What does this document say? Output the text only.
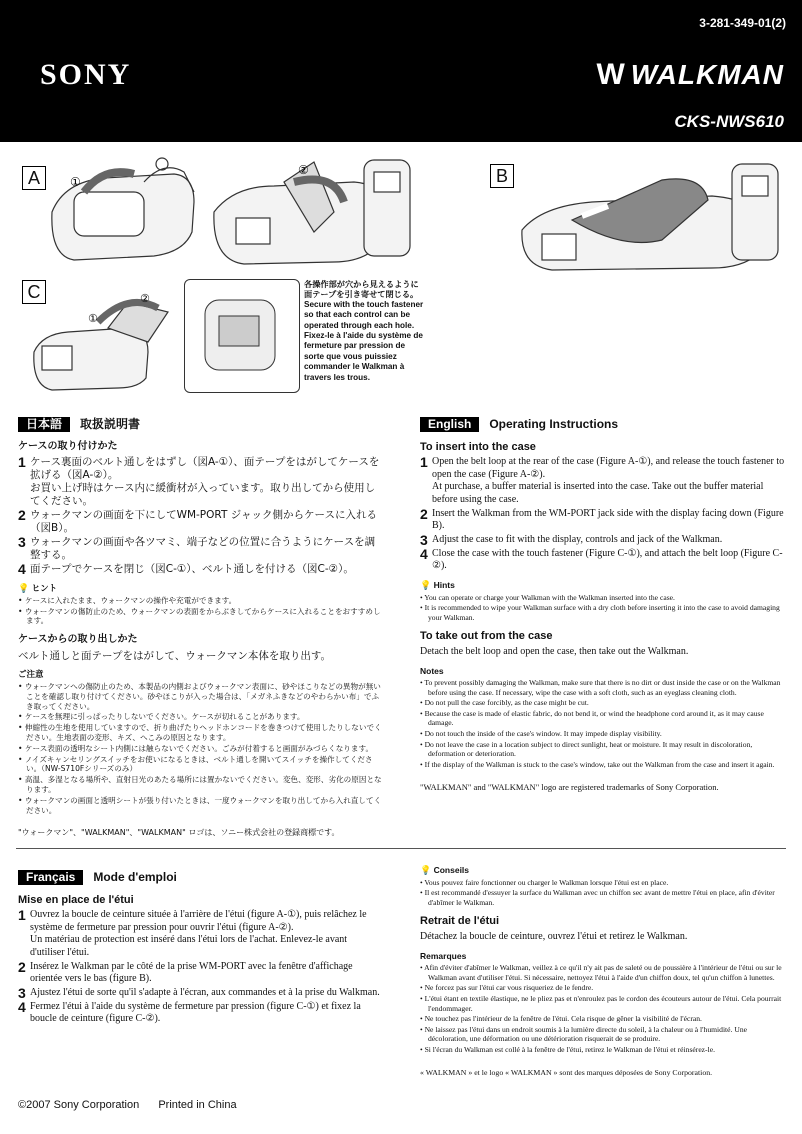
3-281-349-01(2)
SONY	W WALKMAN
CKS-NWS610
A	B
C
①
②
①
②
各操作部が穴から見えるように
面テープを引き寄せて閉じる。
Secure with the touch fastener
so that each control can be
operated through each hole.
Fixez-le à l'aide du système de
fermeture par pression de
sorte que vous puissiez
commander le Walkman à
travers les trous.
日本語 取扱説明書
ケースの取り付けかた
1 ケース裏面のベルト通しをはずし（図A-①）、面テープをはがしてケースを拡げる（図A-②）。
お買い上げ時はケース内に緩衝材が入っています。取り出してから使用してください。
2 ウォークマンの画面を下にしてWM-PORT ジャック側からケースに入れる（図B）。
3 ウォークマンの画面や各ツマミ、端子などの位置に合うようにケースを調整する。
4 面テープでケースを閉じ（図C-①）、ベルト通しを付ける（図C-②）。
💡 ヒント
• ケースに入れたまま、ウォークマンの操作や充電ができます。
• ウォークマンの傷防止のため、ウォークマンの表面をからぶきしてからケースに入れることをおすすめします。
ケースからの取り出しかた
ベルト通しと面テープをはがして、ウォークマン本体を取り出す。
ご注意
• ウォークマンへの傷防止のため、本製品の内側およびウォークマン表面に、砂やほこりなどの異物が無いことを確認し取り付けてください。砂やほこりが入った場合は、「メガネふきなどのやわらかい布」でふき取ってください。
• ケースを無理に引っぱったりしないでください。ケースが切れることがあります。
• 伸縮性の生地を使用していますので、折り曲げたりヘッドホンコードを巻きつけて使用したりしないでください。生地表面の変形、キズ、へこみの原因となります。
• ケース表面の透明なシート内側には触らないでください。ごみが付着すると画面がみづらくなります。
• ノイズキャンセリングスイッチをお使いになるときは、ベルト通しを開いてスイッチを操作してください。（NW-S710Fシリーズのみ）
• 高温、多湿となる場所や、直射日光のあたる場所には置かないでください。変色、変形、劣化の原因となります。
• ウォークマンの画面と透明シートが張り付いたときは、一度ウォークマンを取り出してから入れ直してください。
"ウォークマン"、"WALKMAN"、"WALKMAN" ロゴは、ソニー株式会社の登録商標です。
English Operating Instructions
To insert into the case
1 Open the belt loop at the rear of the case (Figure A-①), and release the touch fastener to open the case (Figure A-②).
At purchase, a buffer material is inserted into the case. Take out the buffer material before using the case.
2 Insert the Walkman from the WM-PORT jack side with the display facing down (Figure B).
3 Adjust the case to fit with the display, controls and jack of the Walkman.
4 Close the case with the touch fastener (Figure C-①), and attach the belt loop (Figure C-②).
💡 Hints
• You can operate or charge your Walkman with the Walkman inserted into the case.
• It is recommended to wipe your Walkman surface with a dry cloth before inserting it into the case to avoid damaging your Walkman.
To take out from the case
Detach the belt loop and open the case, then take out the Walkman.
Notes
• To prevent possibly damaging the Walkman, make sure that there is no dirt or dust inside the case or on the Walkman before using the case. If necessary, wipe the case with a soft cloth, such as an eyeglass cleaning cloth.
• Do not pull the case forcibly, as the case might be cut.
• Because the case is made of elastic fabric, do not bend it, or wind the headphone cord around it, as it may cause damage.
• Do not touch the inside of the case's window. It may impede display visibility.
• Do not leave the case in a location subject to direct sunlight, heat or moisture. It may result in discoloration, deformation or deterioration.
• If the display of the Walkman is stuck to the case's window, take out the Walkman from the case and insert it again.
"WALKMAN" and "WALKMAN" logo are registered trademarks of Sony Corporation.
Français Mode d'emploi
Mise en place de l'étui
1 Ouvrez la boucle de ceinture située à l'arrière de l'étui (figure A-①), puis relâchez le système de fermeture par pression pour ouvrir l'étui (figure A-②).
Un matériau de protection est inséré dans l'étui lors de l'achat. Enlevez-le avant d'utiliser l'étui.
2 Insérez le Walkman par le côté de la prise WM-PORT avec la fenêtre d'affichage orientée vers le bas (figure B).
3 Ajustez l'étui de sorte qu'il s'adapte à l'écran, aux commandes et à la prise du Walkman.
4 Fermez l'étui à l'aide du système de fermeture par pression (figure C-①) et fixez la boucle de ceinture (figure C-②).
💡 Conseils
• Vous pouvez faire fonctionner ou charger le Walkman lorsque l'étui est en place.
• Il est recommandé d'essuyer la surface du Walkman avec un chiffon sec avant de mettre l'étui en place, afin d'éviter d'abîmer le Walkman.
Retrait de l'étui
Détachez la boucle de ceinture, ouvrez l'étui et retirez le Walkman.
Remarques
• Afin d'éviter d'abîmer le Walkman, veillez à ce qu'il n'y ait pas de saleté ou de poussière à l'intérieur de l'étui ou sur le Walkman avant d'utiliser l'étui. Si nécessaire, nettoyez l'étui à l'aide d'un chiffon doux, tel qu'un chiffon à lunettes.
• Ne forcez pas sur l'étui car vous risqueriez de le fendre.
• L'étui étant en textile élastique, ne le pliez pas et n'enroulez pas le cordon des écouteurs autour de l'étui. Cela pourrait l'endommager.
• Ne touchez pas l'intérieur de la fenêtre de l'étui. Cela risque de gêner la visibilité de l'écran.
• Ne laissez pas l'étui dans un endroit soumis à la lumière directe du soleil, à la chaleur ou à l'humidité. Une décoloration, une déformation ou une détérioration risquerait de se produire.
• Si l'écran du Walkman est collé à la fenêtre de l'étui, retirez le Walkman de l'étui et réinsérez-le.
« WALKMAN » et le logo « WALKMAN » sont des marques déposées de Sony Corporation.
©2007 Sony Corporation Printed in China
